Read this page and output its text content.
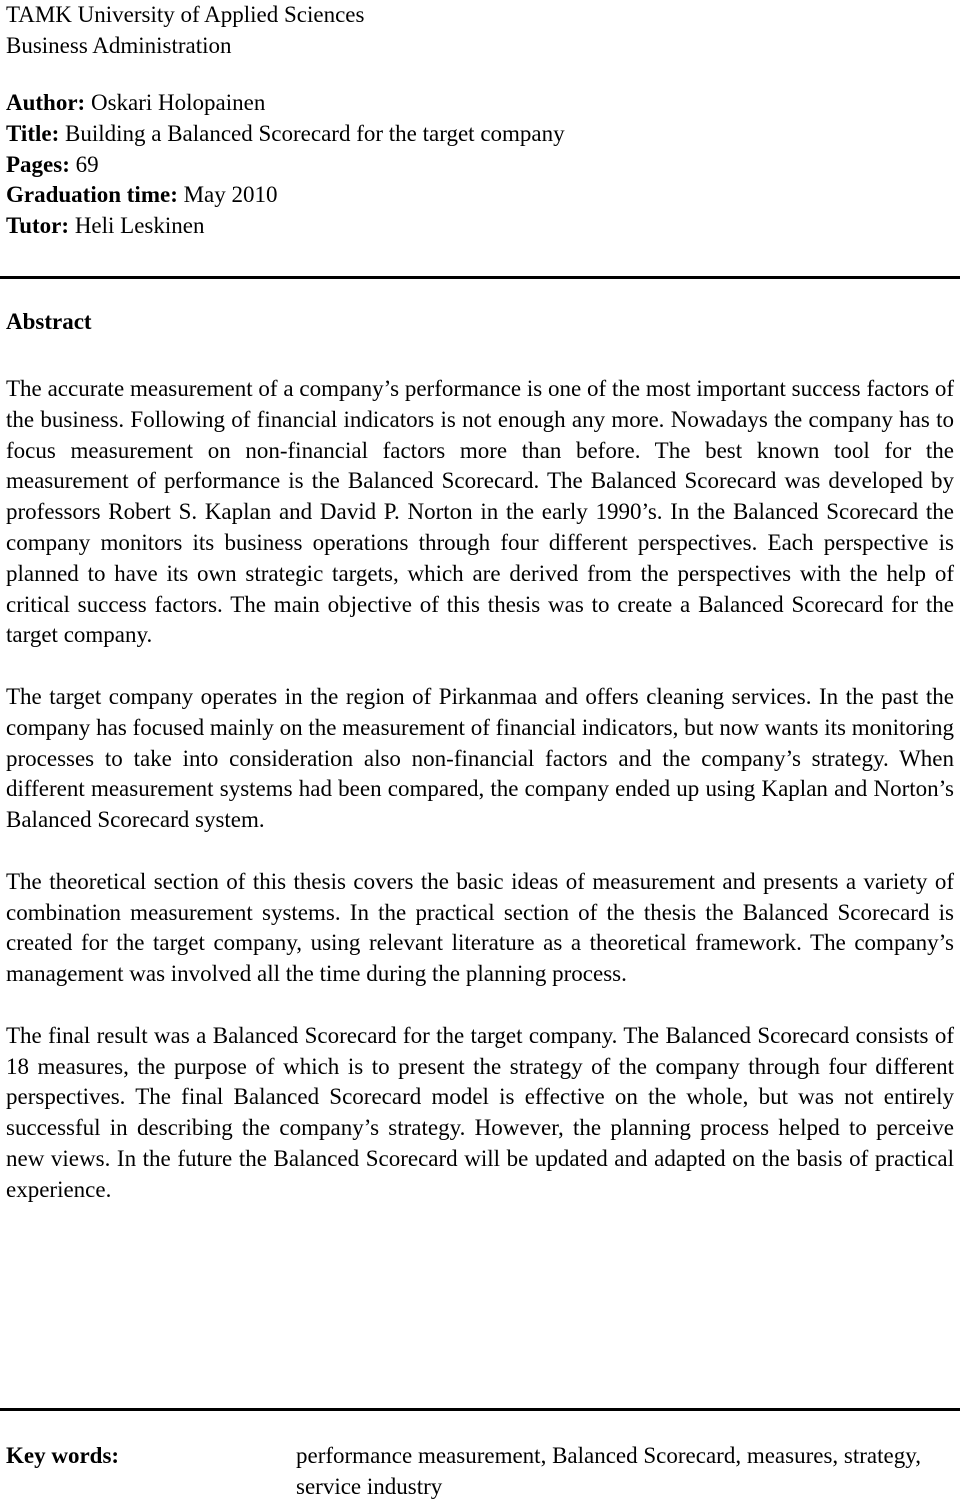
TAMK University of Applied Sciences
Business Administration
Author: Oskari Holopainen
Title: Building a Balanced Scorecard for the target company
Pages: 69
Graduation time: May 2010
Tutor: Heli Leskinen
Abstract

The accurate measurement of a company’s performance is one of the most important success factors of the business. Following of financial indicators is not enough any more. Nowadays the company has to focus measurement on non-financial factors more than before. The best known tool for the measurement of performance is the Balanced Scorecard. The Balanced Scorecard was developed by professors Robert S. Kaplan and David P. Norton in the early 1990’s. In the Balanced Scorecard the company monitors its business operations through four different perspectives. Each perspective is planned to have its own strategic targets, which are derived from the perspectives with the help of critical success factors. The main objective of this thesis was to create a Balanced Scorecard for the target company.

The target company operates in the region of Pirkanmaa and offers cleaning services. In the past the company has focused mainly on the measurement of financial indicators, but now wants its monitoring processes to take into consideration also non-financial factors and the company’s strategy. When different measurement systems had been compared, the company ended up using Kaplan and Norton’s Balanced Scorecard system.

The theoretical section of this thesis covers the basic ideas of measurement and presents a variety of combination measurement systems. In the practical section of the thesis the Balanced Scorecard is created for the target company, using relevant literature as a theoretical framework. The company’s management was involved all the time during the planning process.

The final result was a Balanced Scorecard for the target company. The Balanced Scorecard consists of 18 measures, the purpose of which is to present the strategy of the company through four different perspectives. The final Balanced Scorecard model is effective on the whole, but was not entirely successful in describing the company’s strategy. However, the planning process helped to perceive new views. In the future the Balanced Scorecard will be updated and adapted on the basis of practical experience.

Key words:	performance measurement, Balanced Scorecard, measures, strategy, service industry
